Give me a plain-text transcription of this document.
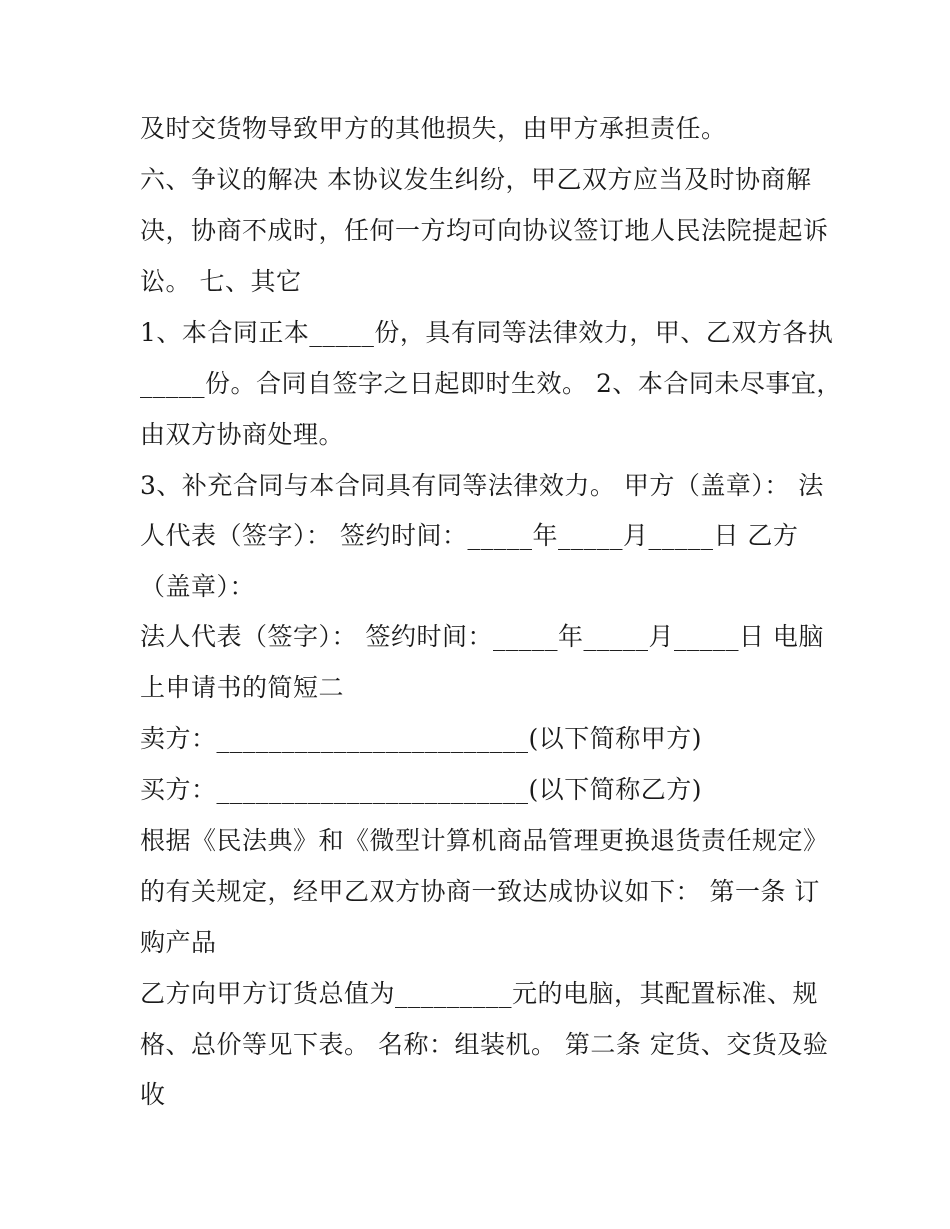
及时交货物导致甲方的其他损失，由甲方承担责任。
六、争议的解决 本协议发生纠纷，甲乙双方应当及时协商解
决，协商不成时，任何一方均可向协议签订地人民法院提起诉
讼。 七、其它
1、本合同正本_____份，具有同等法律效力，甲、乙双方各执
_____份。合同自签字之日起即时生效。 2、本合同未尽事宜，
由双方协商处理。
3、补充合同与本合同具有同等法律效力。 甲方（盖章）： 法
人代表（签字）： 签约时间：_____年_____月_____日 乙方
（盖章）：
法人代表（签字）： 签约时间：_____年_____月_____日 电脑
上申请书的简短二
卖方：________________________(以下简称甲方)
买方：________________________(以下简称乙方)
根据《民法典》和《微型计算机商品管理更换退货责任规定》
的有关规定，经甲乙双方协商一致达成协议如下： 第一条 订
购产品
乙方向甲方订货总值为_________元的电脑，其配置标准、规
格、总价等见下表。 名称：组装机。 第二条 定货、交货及验
收
